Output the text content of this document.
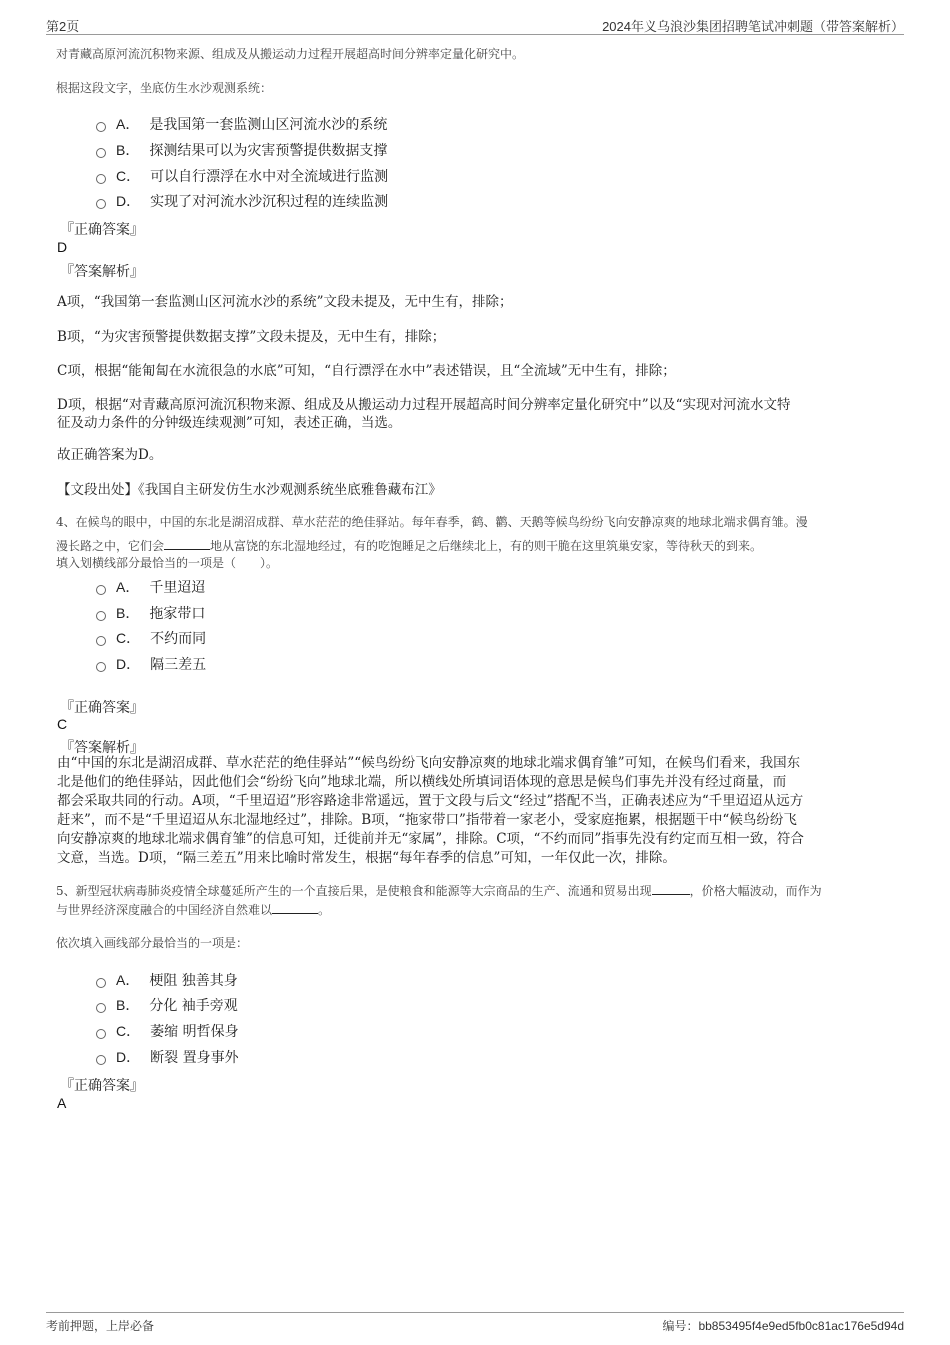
第2页	2024年义乌浪沙集团招聘笔试冲刺题（带答案解析）
对青藏高原河流沉积物来源、组成及从搬运动力过程开展超高时间分辨率定量化研究中。
根据这段文字，坐底仿生水沙观测系统：
A． 是我国第一套监测山区河流水沙的系统
B． 探测结果可以为灾害预警提供数据支撑
C． 可以自行漂浮在水中对全流域进行监测
D． 实现了对河流水沙沉积过程的连续监测
『正确答案』
D
『答案解析』
A项，“我国第一套监测山区河流水沙的系统”文段未提及，无中生有，排除；
B项，“为灾害预警提供数据支撑”文段未提及，无中生有，排除；
C项，根据“能匍匐在水流很急的水底”可知，“自行漂浮在水中”表述错误，且“全流域”无中生有，排除；
D项，根据“对青藏高原河流沉积物来源、组成及从搬运动力过程开展超高时间分辨率定量化研究中”以及“实现对河流水文特
征及动力条件的分钟级连续观测”可知，表述正确，当选。
故正确答案为D。
【文段出处】《我国自主研发仿生水沙观测系统坐底雅鲁藏布江》
4、在候鸟的眼中，中国的东北是湖沼成群、草水茫茫的绝佳驿站。每年春季，鹤、鹳、天鹅等候鸟纷纷飞向安静凉爽的地球北端求偶育雏。漫
漫长路之中，它们会	地从富饶的东北湿地经过，有的吃饱睡足之后继续北上，有的则干脆在这里筑巢安家，等待秋天的到来。
填入划横线部分最恰当的一项是（　　）。
A． 千里迢迢
B． 拖家带口
C． 不约而同
D． 隔三差五
『正确答案』
C
『答案解析』
由“中国的东北是湖沼成群、草水茫茫的绝佳驿站”“候鸟纷纷飞向安静凉爽的地球北端求偶育雏”可知，在候鸟们看来，我国东
北是他们的绝佳驿站，因此他们会“纷纷飞向”地球北端，所以横线处所填词语体现的意思是候鸟们事先并没有经过商量，而
都会采取共同的行动。A项，“千里迢迢”形容路途非常遥远，置于文段与后文“经过”搭配不当，正确表述应为“千里迢迢从远方
赶来”，而不是“千里迢迢从东北湿地经过”，排除。B项，“拖家带口”指带着一家老小，受家庭拖累，根据题干中“候鸟纷纷飞
向安静凉爽的地球北端求偶育雏”的信息可知，迁徙前并无“家属”，排除。C项，“不约而同”指事先没有约定而互相一致，符合
文意，当选。D项，“隔三差五”用来比喻时常发生，根据“每年春季的信息”可知，一年仅此一次，排除。
5、新型冠状病毒肺炎疫情全球蔓延所产生的一个直接后果，是使粮食和能源等大宗商品的生产、流通和贸易出现	，价格大幅波动，而作为
与世界经济深度融合的中国经济自然难以	。
依次填入画线部分最恰当的一项是：
A． 梗阻 独善其身
B． 分化 袖手旁观
C． 萎缩 明哲保身
D． 断裂 置身事外
『正确答案』
A
考前押题，上岸必备	编号：bb853495f4e9ed5fb0c81ac176e5d94d
